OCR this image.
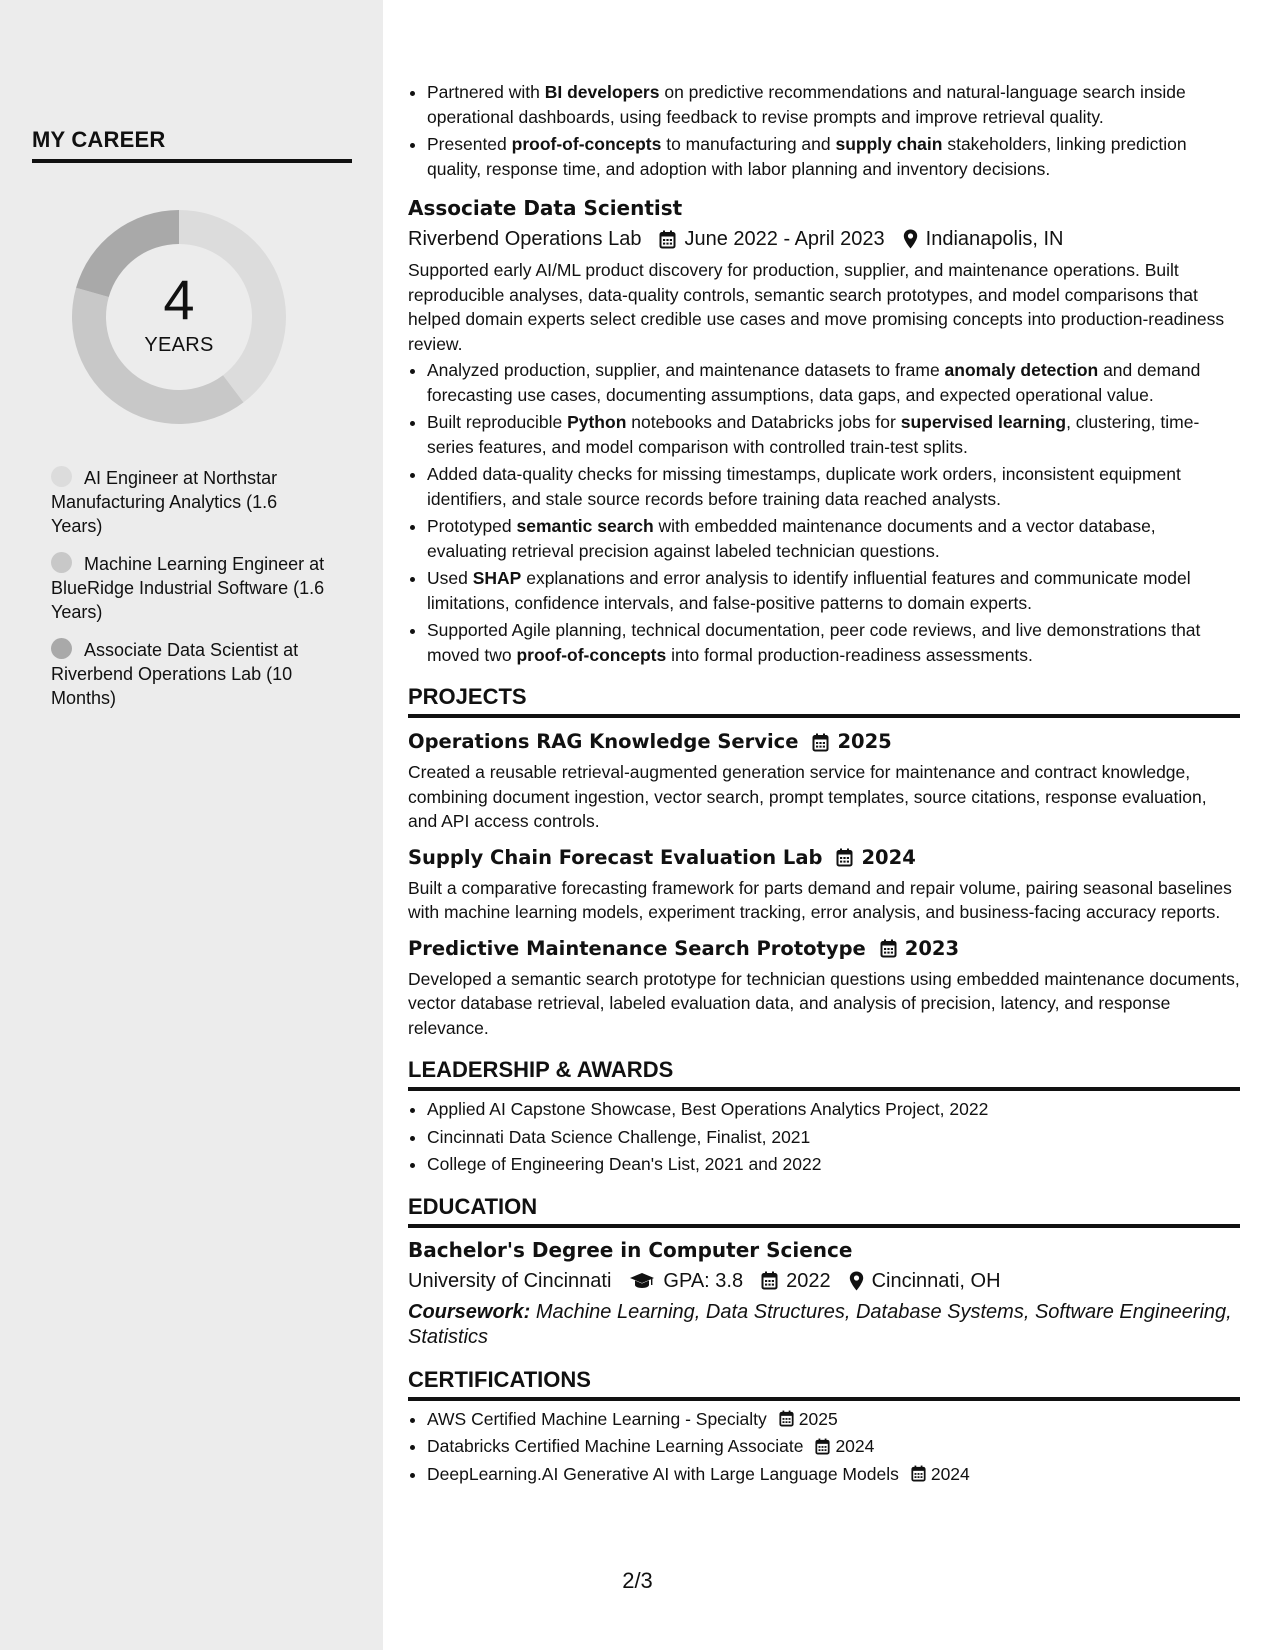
MY CAREER
4
YEARS
AI Engineer at Northstar Manufacturing Analytics (1.6 Years)
Machine Learning Engineer at BlueRidge Industrial Software (1.6 Years)
Associate Data Scientist at Riverbend Operations Lab (10 Months)
• Partnered with BI developers on predictive recommendations and natural-language search inside operational dashboards, using feedback to revise prompts and improve retrieval quality.
• Presented proof-of-concepts to manufacturing and supply chain stakeholders, linking prediction quality, response time, and adoption with labor planning and inventory decisions.
Associate Data Scientist
Riverbend Operations Lab June 2022 - April 2023 Indianapolis, IN
Supported early AI/ML product discovery for production, supplier, and maintenance operations. Built reproducible analyses, data-quality controls, semantic search prototypes, and model comparisons that helped domain experts select credible use cases and move promising concepts into production-readiness review.
• Analyzed production, supplier, and maintenance datasets to frame anomaly detection and demand forecasting use cases, documenting assumptions, data gaps, and expected operational value.
• Built reproducible Python notebooks and Databricks jobs for supervised learning, clustering, time-series features, and model comparison with controlled train-test splits.
• Added data-quality checks for missing timestamps, duplicate work orders, inconsistent equipment identifiers, and stale source records before training data reached analysts.
• Prototyped semantic search with embedded maintenance documents and a vector database, evaluating retrieval precision against labeled technician questions.
• Used SHAP explanations and error analysis to identify influential features and communicate model limitations, confidence intervals, and false-positive patterns to domain experts.
• Supported Agile planning, technical documentation, peer code reviews, and live demonstrations that moved two proof-of-concepts into formal production-readiness assessments.
PROJECTS
Operations RAG Knowledge Service 2025
Created a reusable retrieval-augmented generation service for maintenance and contract knowledge, combining document ingestion, vector search, prompt templates, source citations, response evaluation, and API access controls.
Supply Chain Forecast Evaluation Lab 2024
Built a comparative forecasting framework for parts demand and repair volume, pairing seasonal baselines with machine learning models, experiment tracking, error analysis, and business-facing accuracy reports.
Predictive Maintenance Search Prototype 2023
Developed a semantic search prototype for technician questions using embedded maintenance documents, vector database retrieval, labeled evaluation data, and analysis of precision, latency, and response relevance.
LEADERSHIP & AWARDS
• Applied AI Capstone Showcase, Best Operations Analytics Project, 2022
• Cincinnati Data Science Challenge, Finalist, 2021
• College of Engineering Dean's List, 2021 and 2022
EDUCATION
Bachelor's Degree in Computer Science
University of Cincinnati	GPA: 3.8 2022 Cincinnati, OH
Coursework: Machine Learning, Data Structures, Database Systems, Software Engineering, Statistics
CERTIFICATIONS
• AWS Certified Machine Learning - Specialty 2025
• Databricks Certified Machine Learning Associate 2024
• DeepLearning.AI Generative AI with Large Language Models 2024
2/3
